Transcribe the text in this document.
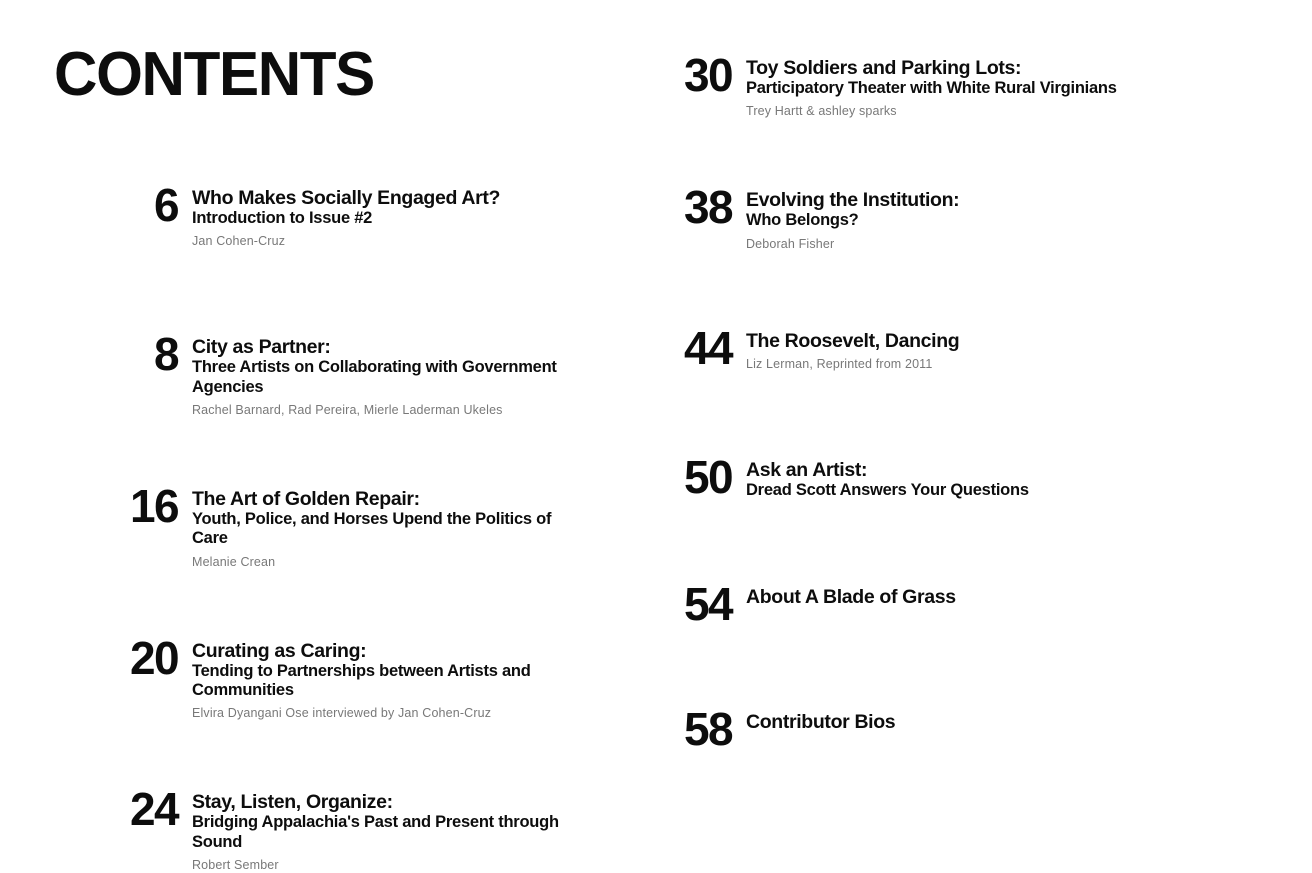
CONTENTS
6 Who Makes Socially Engaged Art?
Introduction to Issue #2
Jan Cohen-Cruz
8 City as Partner:
Three Artists on Collaborating with Government Agencies
Rachel Barnard, Rad Pereira, Mierle Laderman Ukeles
16 The Art of Golden Repair:
Youth, Police, and Horses Upend the Politics of Care
Melanie Crean
20 Curating as Caring:
Tending to Partnerships between Artists and Communities
Elvira Dyangani Ose interviewed by Jan Cohen-Cruz
24 Stay, Listen, Organize:
Bridging Appalachia's Past and Present through Sound
Robert Sember
30 Toy Soldiers and Parking Lots:
Participatory Theater with White Rural Virginians
Trey Hartt & ashley sparks
38 Evolving the Institution:
Who Belongs?
Deborah Fisher
44 The Roosevelt, Dancing
Liz Lerman, Reprinted from 2011
50 Ask an Artist:
Dread Scott Answers Your Questions
54 About A Blade of Grass
58 Contributor Bios
